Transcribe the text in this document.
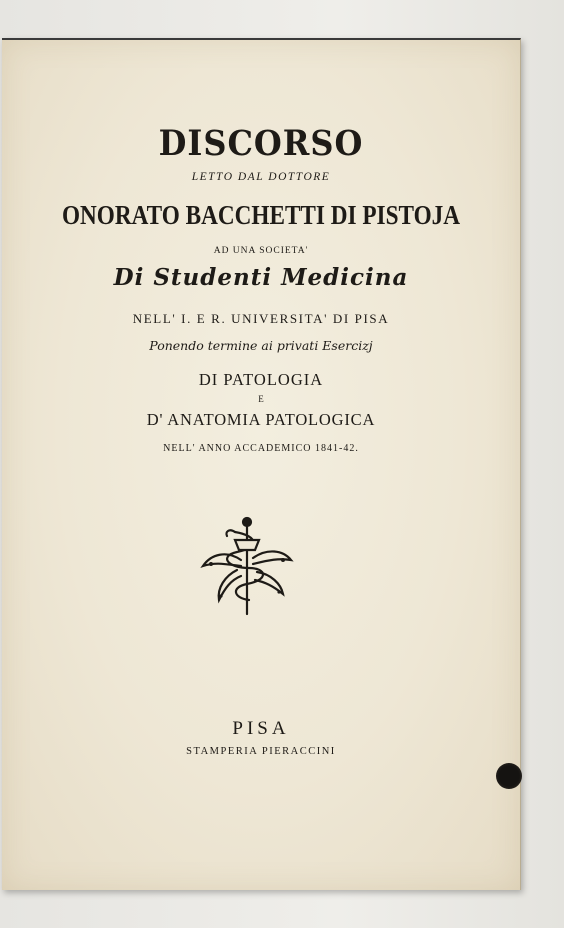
DISCORSO
LETTO DAL DOTTORE
ONORATO BACCHETTI DI PISTOJA
AD UNA SOCIETA'
Di Studenti Medicina
NELL' I. E R. UNIVERSITA' DI PISA
Ponendo termine ai privati Esercizj
DI PATOLOGIA
E
D' ANATOMIA PATOLOGICA
NELL' ANNO ACCADEMICO 1841-42.
PISA
STAMPERIA PIERACCINI
